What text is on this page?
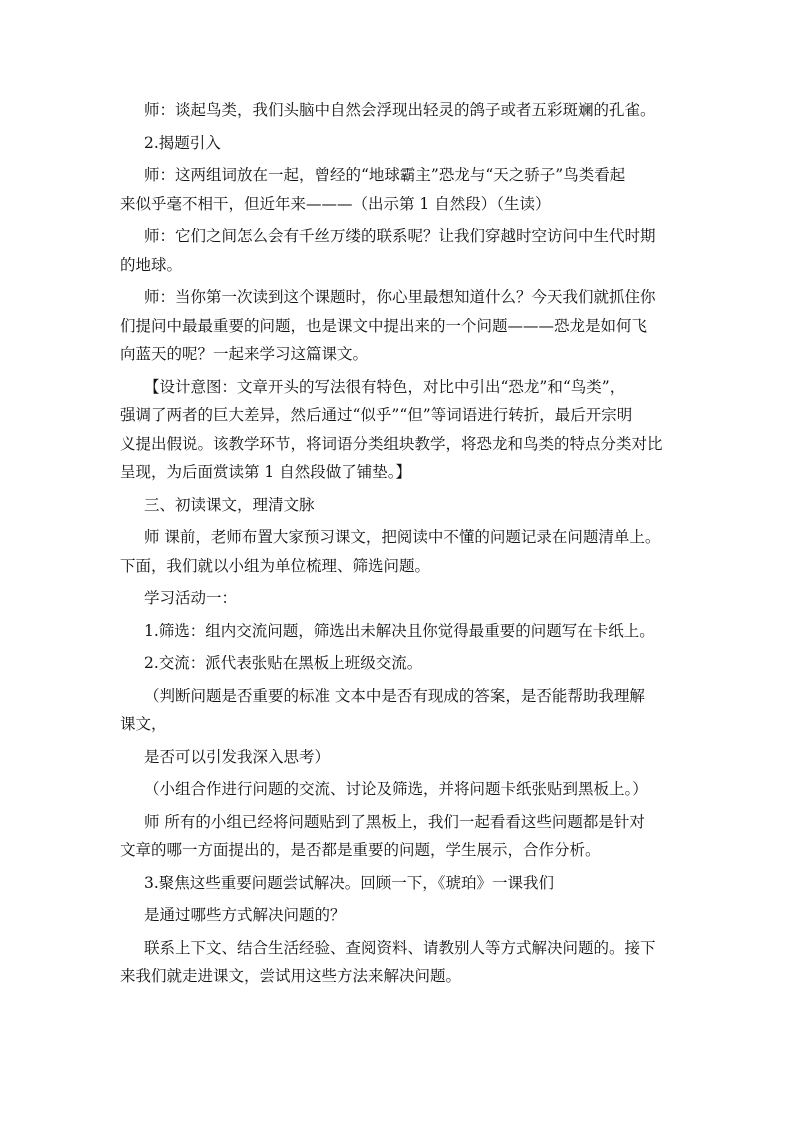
师：谈起鸟类，我们头脑中自然会浮现出轻灵的鸽子或者五彩斑斓的孔雀。
2.揭题引入
师：这两组词放在一起，曾经的“地球霸主”恐龙与“天之骄子”鸟类看起
来似乎毫不相干，但近年来———（出示第 1 自然段）（生读）
师：它们之间怎么会有千丝万缕的联系呢？让我们穿越时空访问中生代时期
的地球。
师：当你第一次读到这个课题时，你心里最想知道什么？今天我们就抓住你
们提问中最最重要的问题，也是课文中提出来的一个问题———恐龙是如何飞
向蓝天的呢？一起来学习这篇课文。
【设计意图：文章开头的写法很有特色，对比中引出“恐龙”和“鸟类”，
强调了两者的巨大差异，然后通过“似乎”“但”等词语进行转折，最后开宗明
义提出假说。该教学环节，将词语分类组块教学，将恐龙和鸟类的特点分类对比
呈现，为后面赏读第 1 自然段做了铺垫。】
三、初读课文，理清文脉
师 课前，老师布置大家预习课文，把阅读中不懂的问题记录在问题清单上。
下面，我们就以小组为单位梳理、筛选问题。
学习活动一：
1.筛选：组内交流问题，筛选出未解决且你觉得最重要的问题写在卡纸上。
2.交流：派代表张贴在黑板上班级交流。
（判断问题是否重要的标准 文本中是否有现成的答案，是否能帮助我理解
课文，
是否可以引发我深入思考）
（小组合作进行问题的交流、讨论及筛选，并将问题卡纸张贴到黑板上。）
师 所有的小组已经将问题贴到了黑板上，我们一起看看这些问题都是针对
文章的哪一方面提出的，是否都是重要的问题，学生展示，合作分析。
3.聚焦这些重要问题尝试解决。回顾一下，《琥珀》一课我们
是通过哪些方式解决问题的？
联系上下文、结合生活经验、查阅资料、请教别人等方式解决问题的。接下
来我们就走进课文，尝试用这些方法来解决问题。
